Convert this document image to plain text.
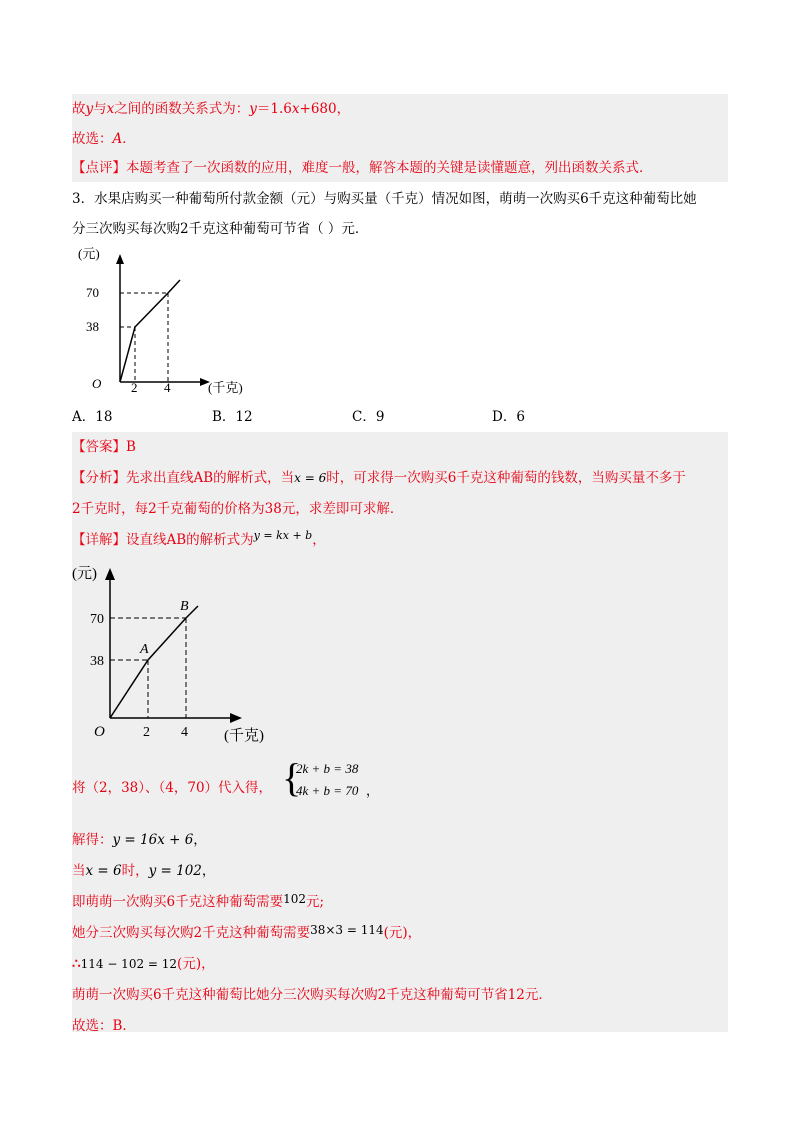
故y与x之间的函数关系式为：y＝1.6x+680，
故选：A．
【点评】本题考查了一次函数的应用，难度一般，解答本题的关键是读懂题意，列出函数关系式．
3．水果店购买一种葡萄所付款金额（元）与购买量（千克）情况如图，萌萌一次购买6千克这种葡萄比她
分三次购买每次购2千克这种葡萄可节省（ ）元．
(元)
(千克)
O
70
38
2 4
A．18	B．12	C．9	D．6
【答案】B
【分析】先求出直线AB的解析式，当x = 6时，可求得一次购买6千克这种葡萄的钱数，当购买量不多于
2千克时，每2千克葡萄的价格为38元，求差即可求解．
【详解】设直线AB的解析式为$^{y = kx + b}$，
(元)
(千克)
O
70
38
2 4
A
B
将（2，38）、（4，70）代入得， {
2k + b = 38
4k + b = 70 ，
解得：y = 16x + 6，
当x = 6时，y = 102，
即萌萌一次购买6千克这种葡萄需要102元;
她分三次购买每次购2千克这种葡萄需要38×3 = 114(元)，
∴114 − 102 = 12(元)，
萌萌一次购买6千克这种葡萄比她分三次购买每次购2千克这种葡萄可节省12元．
故选：B．
